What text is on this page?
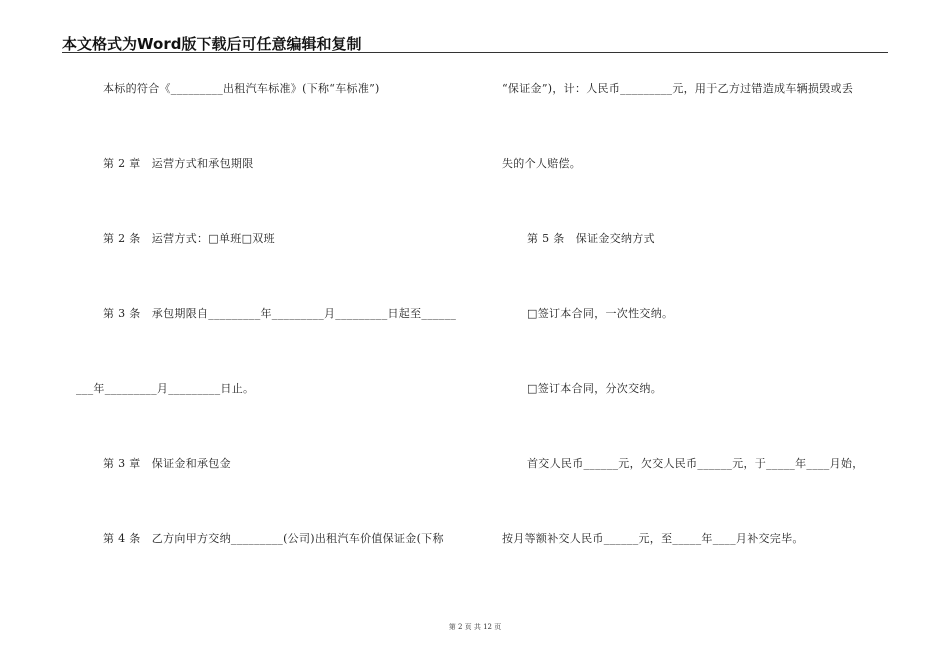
本文格式为Word版下载后可任意编辑和复制
本标的符合《_________出租汽车标准》(下称“车标准”)
第 2 章　运营方式和承包期限
第 2 条　运营方式：□单班□双班
第 3 条　承包期限自_________年_________月_________日起至______
___年_________月_________日止。
第 3 章　保证金和承包金
第 4 条　乙方向甲方交纳_________(公司)出租汽车价值保证金(下称
“保证金”)，计：人民币_________元，用于乙方过错造成车辆损毁或丢
失的个人赔偿。
第 5 条　保证金交纳方式
□签订本合同，一次性交纳。
□签订本合同，分次交纳。
首交人民币______元，欠交人民币______元，于_____年____月始，
按月等额补交人民币______元，至_____年____月补交完毕。
第 2 页 共 12 页
